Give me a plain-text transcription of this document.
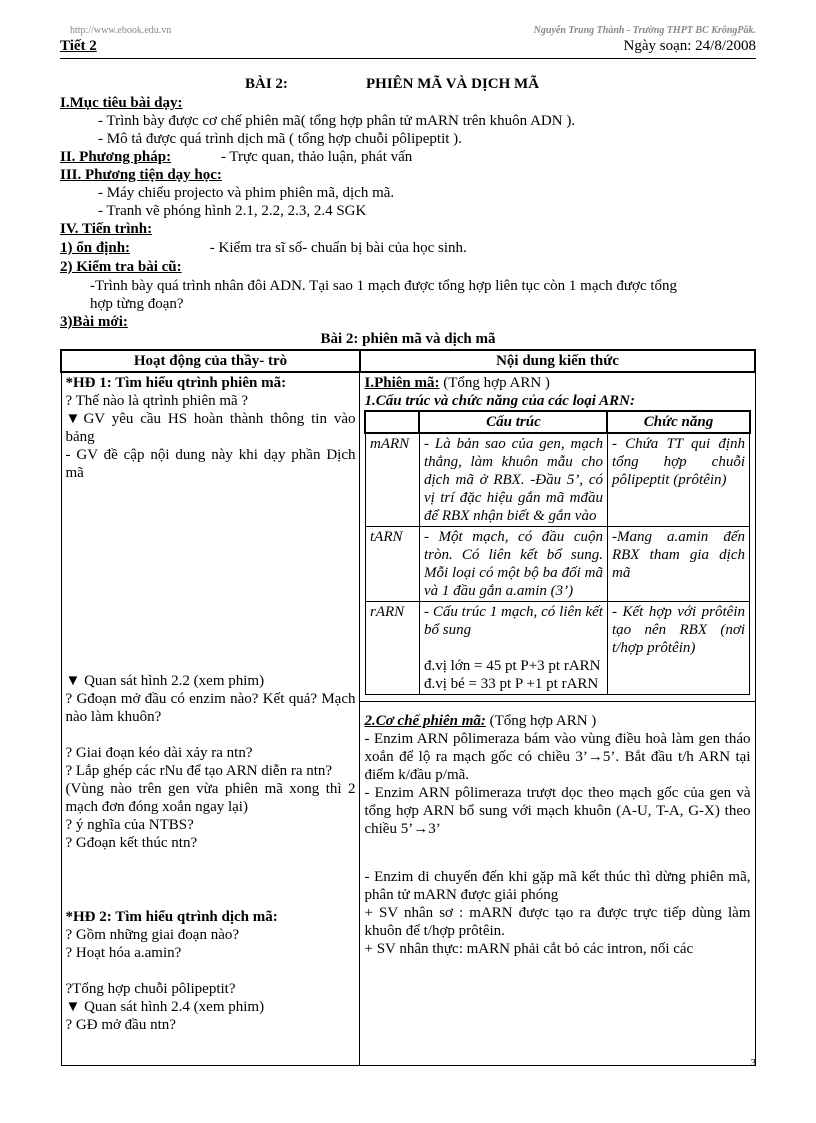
http://www.ebook.edu.vn	Nguyễn Trung Thành - Trường THPT BC KrôngPăk.
Tiết 2	Ngày soạn: 24/8/2008
BÀI 2:	PHIÊN MÃ VÀ DỊCH MÃ
I.Mục tiêu bài dạy:
- Trình bày được cơ chế phiên mã( tổng hợp phân tử mARN trên khuôn ADN ).
- Mô tả được quá trình dịch mã ( tổng hợp chuỗi pôlipeptit ).
II. Phương pháp:	- Trực quan, thảo luận, phát vấn
III. Phương tiện dạy học:
- Máy chiếu projecto và phim phiên mã, dịch mã.
- Tranh vẽ phóng hình 2.1, 2.2, 2.3, 2.4 SGK
IV. Tiến trình:
1) ổn định:	- Kiểm tra sĩ số- chuẩn bị bài của học sinh.
2) Kiểm tra bài cũ:
-Trình bày quá trình nhân đôi ADN. Tại sao 1 mạch được tổng hợp liên tục còn 1 mạch được tổng
hợp từng đoạn?
3)Bài mới:
Bài 2: phiên mã và dịch mã
Hoạt động của thầy- trò	Nội dung kiến thức

*HĐ 1: Tìm hiểu qtrình phiên mã:

? Thế nào là qtrình phiên mã ?

▼GV yêu cầu HS hoàn thành thông tin vào bảng

- GV đề cập nội dung này khi dạy phần Dịch mã

▼ Quan sát hình 2.2 (xem phim)

? Gđoạn mở đầu có enzim nào? Kết quả? Mạch nào làm khuôn?

? Giai đoạn kéo dài xảy ra ntn?

? Lắp ghép các rNu để tạo ARN diễn ra ntn?

(Vùng nào trên gen vừa phiên mã xong thì 2 mạch đơn đóng xoắn ngay lại)

? ý nghĩa của NTBS?

? Gđoạn kết thúc ntn?

*HĐ 2: Tìm hiểu qtrình dịch mã:

? Gồm những giai đoạn nào?

? Hoạt hóa a.amin?

?Tổng hợp chuỗi pôlipeptit?

▼ Quan sát hình 2.4 (xem phim)

? GĐ mở đầu ntn?

I.Phiên mã: (Tổng hợp ARN )

1.Cấu trúc và chức năng của các loại ARN:

	Cấu trúc	Chức năng
mARN	- Là bản sao của gen, mạch thẳng, làm khuôn mẫu cho dịch mã ở RBX. -Đầu 5’, có vị trí đặc hiệu gắn mã mđầu để RBX nhận biết & gắn vào	- Chứa TT qui định tổng hợp chuỗi pôlipeptit (prôtêin)
tARN	- Một mạch, có đầu cuộn tròn. Có liên kết bổ sung. Mỗi loại có một bộ ba đối mã và 1 đầu gắn a.amin (3’)	-Mang a.amin đến RBX tham gia dịch mã
rARN	- Cấu trúc 1 mạch, có liên kết bổ sung
đ.vị lớn = 45 pt P+3 pt rARN
đ.vị bé = 33 pt P +1 pt rARN
	- Kết hợp với prôtêin tạo nên RBX (nơi t/hợp prôtêin)

2.Cơ chế phiên mã: (Tổng hợp ARN )

- Enzim ARN pôlimeraza bám vào vùng điều hoà làm gen tháo xoắn để lộ ra mạch gốc có chiều 3’→5’. Bắt đầu t/h ARN tại điểm k/đầu p/mã.

- Enzim ARN pôlimeraza trượt dọc theo mạch gốc của gen và tổng hợp ARN bổ sung với mạch khuôn (A-U, T-A, G-X) theo chiều 5’→3’

- Enzim di chuyển đến khi gặp mã kết thúc thì dừng phiên mã, phân tử mARN được giải phóng

+ SV nhân sơ : mARN được tạo ra được trực tiếp dùng làm khuôn để t/hợp prôtêin.

+ SV nhân thực: mARN phải cắt bỏ các intron, nối các

3
